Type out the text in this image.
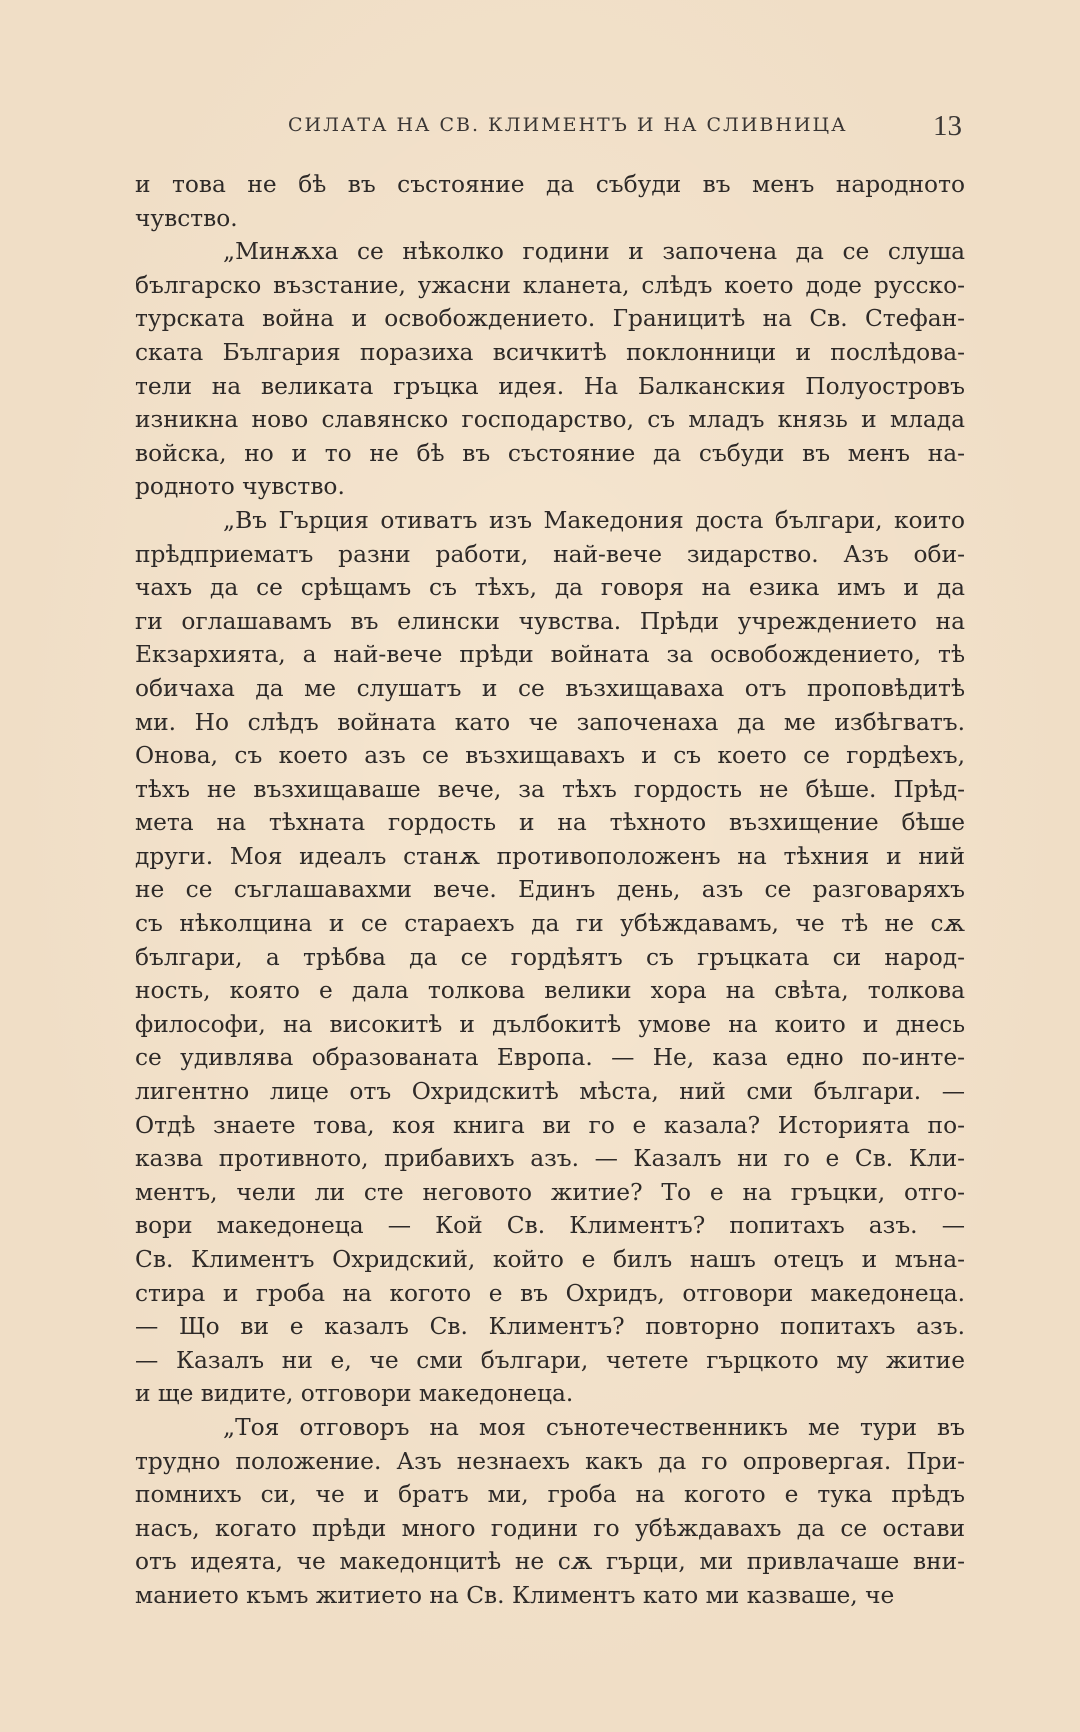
СИЛАТА НА СВ. КЛИМЕНТЪ И НА СЛИВНИЦА	13
и това не бѣ въ състояние да събуди въ менъ народното
чувство.
„Минѫха се нѣколко години и започена да се слуша
българско възстание, ужасни кланета, слѣдъ което доде русско-
турската война и освобождението. Границитѣ на Св. Стефан-
ската България поразиха всичкитѣ поклонници и послѣдова-
тели на великата гръцка идея. На Балканския Полуостровъ
изникна ново славянско господарство, съ младъ князь и млада
войска, но и то не бѣ въ състояние да събуди въ менъ на-
родното чувство.
„Въ Гърция отиватъ изъ Македония доста българи, които
прѣдприематъ разни работи, най-вече зидарство. Азъ оби-
чахъ да се срѣщамъ съ тѣхъ, да говоря на езика имъ и да
ги оглашавамъ въ елински чувства. Прѣди учреждението на
Екзархията, а най-вече прѣди войната за освобождението, тѣ
обичаха да ме слушатъ и се възхищаваха отъ проповѣдитѣ
ми. Но слѣдъ войната като че започенаха да ме избѣгватъ.
Онова, съ което азъ се възхищавахъ и съ което се гордѣехъ,
тѣхъ не възхищаваше вече, за тѣхъ гордость не бѣше. Прѣд-
мета на тѣхната гордость и на тѣхното възхищение бѣше
други. Моя идеалъ станѫ противоположенъ на тѣхния и ний
не се съглашавахми вече. Единъ день, азъ се разговаряхъ
съ нѣколцина и се стараехъ да ги убѣждавамъ, че тѣ не сѫ
българи, а трѣбва да се гордѣятъ съ гръцката си народ-
ность, която е дала толкова велики хора на свѣта, толкова
философи, на високитѣ и дълбокитѣ умове на които и днесь
се удивлява образованата Европа. — Не, каза едно по-инте-
лигентно лице отъ Охридскитѣ мѣста, ний сми българи. —
Отдѣ знаете това, коя книга ви го е казала? Историята по-
казва противното, прибавихъ азъ. — Казалъ ни го е Св. Кли-
ментъ, чели ли сте неговото житие? То е на гръцки, отго-
вори македонеца — Кой Св. Климентъ? попитахъ азъ. —
Св. Климентъ Охридский, който е билъ нашъ отецъ и мъна-
стира и гроба на когото е въ Охридъ, отговори македонеца.
— Що ви е казалъ Св. Климентъ? повторно попитахъ азъ.
— Казалъ ни е, че сми българи, четете гърцкото му житие
и ще видите, отговори македонеца.
„Тоя отговоръ на моя сънотечественникъ ме тури въ
трудно положение. Азъ незнаехъ какъ да го опровергая. При-
помнихъ си, че и братъ ми, гроба на когото е тука прѣдъ
насъ, когато прѣди много години го убѣждавахъ да се остави
отъ идеята, че македонцитѣ не сѫ гърци, ми привлачаше вни-
манието къмъ житието на Св. Климентъ като ми казваше, че
